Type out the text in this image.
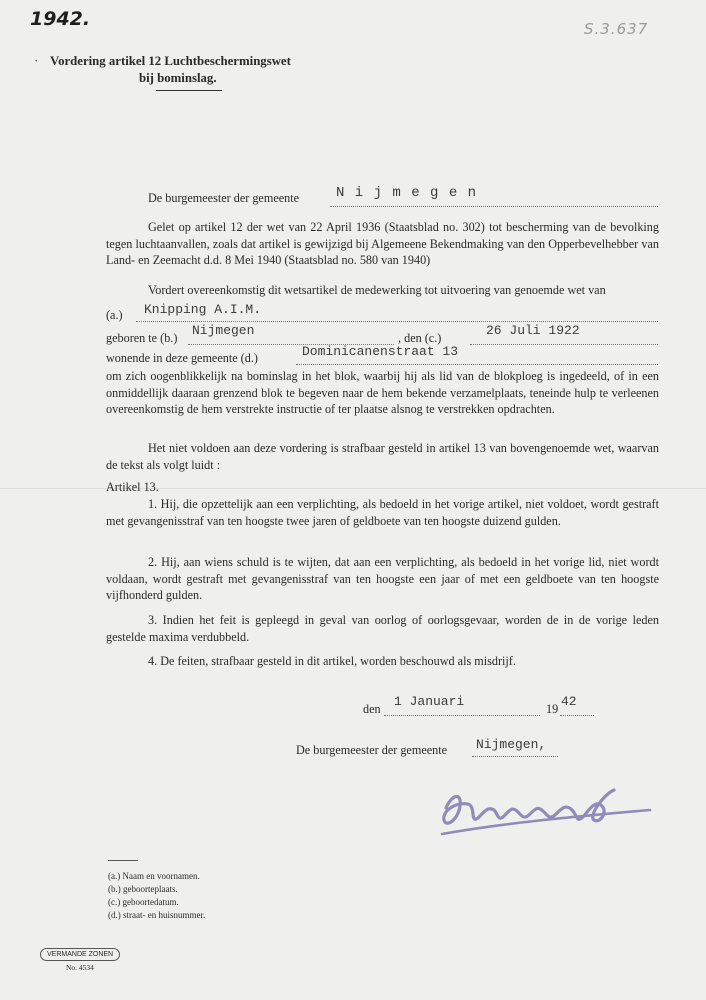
1942.	S.3.637
· Vordering artikel 12 Luchtbeschermingswet
bij bominslag.
De burgemeester der gemeente	N i j m e g e n
Gelet op artikel 12 der wet van 22 April 1936 (Staatsblad no. 302) tot bescherming van de bevolking tegen luchtaanvallen, zoals dat artikel is gewijzigd bij Algemeene Bekendmaking van den Opperbevelhebber van Land- en Zeemacht d.d. 8 Mei 1940 (Staatsblad no. 580 van 1940)
Vordert overeenkomstig dit wetsartikel de medewerking tot uitvoering van genoemde wet van
(a.) Knipping A.I.M.
geboren te (b.) Nijmegen	, den (c.)	26 Juli 1922
wonende in deze gemeente (d.)	Dominicanenstraat 13
om zich oogenblikkelijk na bominslag in het blok, waarbij hij als lid van de blokploeg is ingedeeld, of in een onmiddellijk daaraan grenzend blok te begeven naar de hem bekende verzamelplaats, teneinde hulp te verleenen overeenkomstig de hem verstrekte instructie of ter plaatse alsnog te verstrekken opdrachten.
Het niet voldoen aan deze vordering is strafbaar gesteld in artikel 13 van bovengenoemde wet, waarvan de tekst als volgt luidt :
Artikel 13.
1. Hij, die opzettelijk aan een verplichting, als bedoeld in het vorige artikel, niet voldoet, wordt gestraft met gevangenisstraf van ten hoogste twee jaren of geldboete van ten hoogste duizend gulden.
2. Hij, aan wiens schuld is te wijten, dat aan een verplichting, als bedoeld in het vorige lid, niet wordt voldaan, wordt gestraft met gevangenisstraf van ten hoogste een jaar of met een geldboete van ten hoogste vijfhonderd gulden.
3. Indien het feit is gepleegd in geval van oorlog of oorlogsgevaar, worden de in de vorige leden gestelde maxima verdubbeld.
4. De feiten, strafbaar gesteld in dit artikel, worden beschouwd als misdrijf.
den 1 Januari	19 42
De burgemeester der gemeente Nijmegen,
(a.) Naam en voornamen.
(b.) geboorteplaats.
(c.) geboortedatum.
(d.) straat- en huisnummer.
VERMANDE ZONEN
No. 4534
